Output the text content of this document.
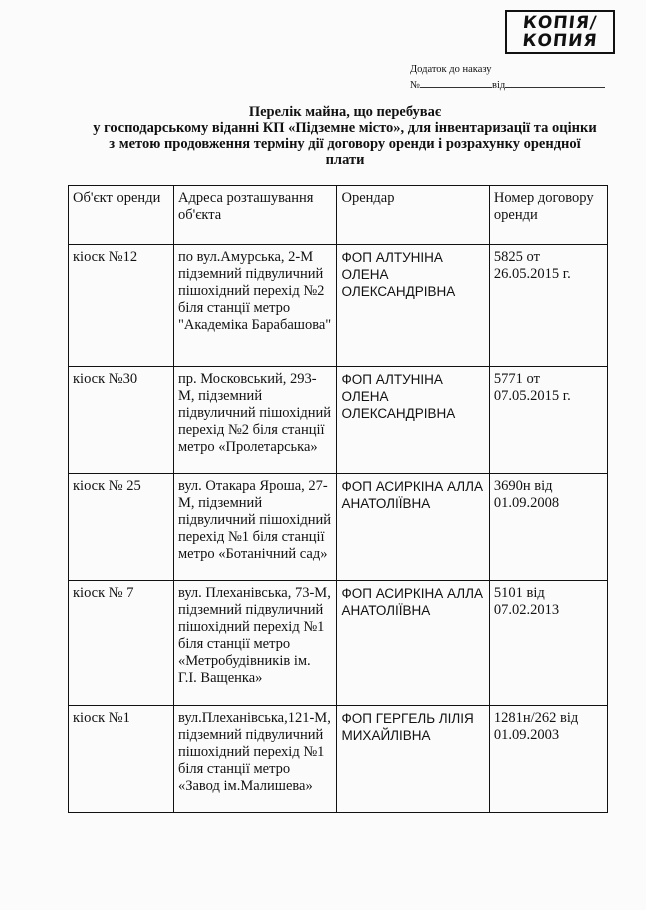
КОПІЯ/
КОПИЯ
Додаток до наказу
№	від
Перелік майна, що перебуває
у господарському віданні КП «Підземне місто», для інвентаризації та оцінки
з метою продовження терміну дії договору оренди і розрахунку орендної
плати
Об'єкт оренди	Адреса розташування об'єкта	Орендар	Номер договору оренди
кіоск №12	по вул.Амурська, 2-М підземний підвуличний пішохідний перехід №2 біля станції метро "Академіка Барабашова"	ФОП АЛТУНІНА ОЛЕНА ОЛЕКСАНДРІВНА	5825 от 26.05.2015 г.
кіоск №30	пр. Московський, 293-М, підземний підвуличний пішохідний перехід №2 біля станції метро «Пролетарська»	ФОП АЛТУНІНА ОЛЕНА ОЛЕКСАНДРІВНА	5771 от 07.05.2015 г.
кіоск № 25	вул. Отакара Яроша, 27-М, підземний підвуличний пішохідний перехід №1 біля станції метро «Ботанічний сад»	ФОП АСИРКІНА АЛЛА АНАТОЛІЇВНА	3690н від 01.09.2008
кіоск № 7	вул. Плеханівська, 73-М, підземний підвуличний пішохідний перехід №1 біля станції метро «Метробудівників ім. Г.І. Ващенка»	ФОП АСИРКІНА АЛЛА АНАТОЛІЇВНА	5101 від 07.02.2013
кіоск №1	вул.Плеханівська,121-М, підземний підвуличний пішохідний перехід №1 біля станції метро «Завод ім.Малишева»	ФОП ГЕРГЕЛЬ ЛІЛІЯ МИХАЙЛІВНА	1281н/262 від 01.09.2003
